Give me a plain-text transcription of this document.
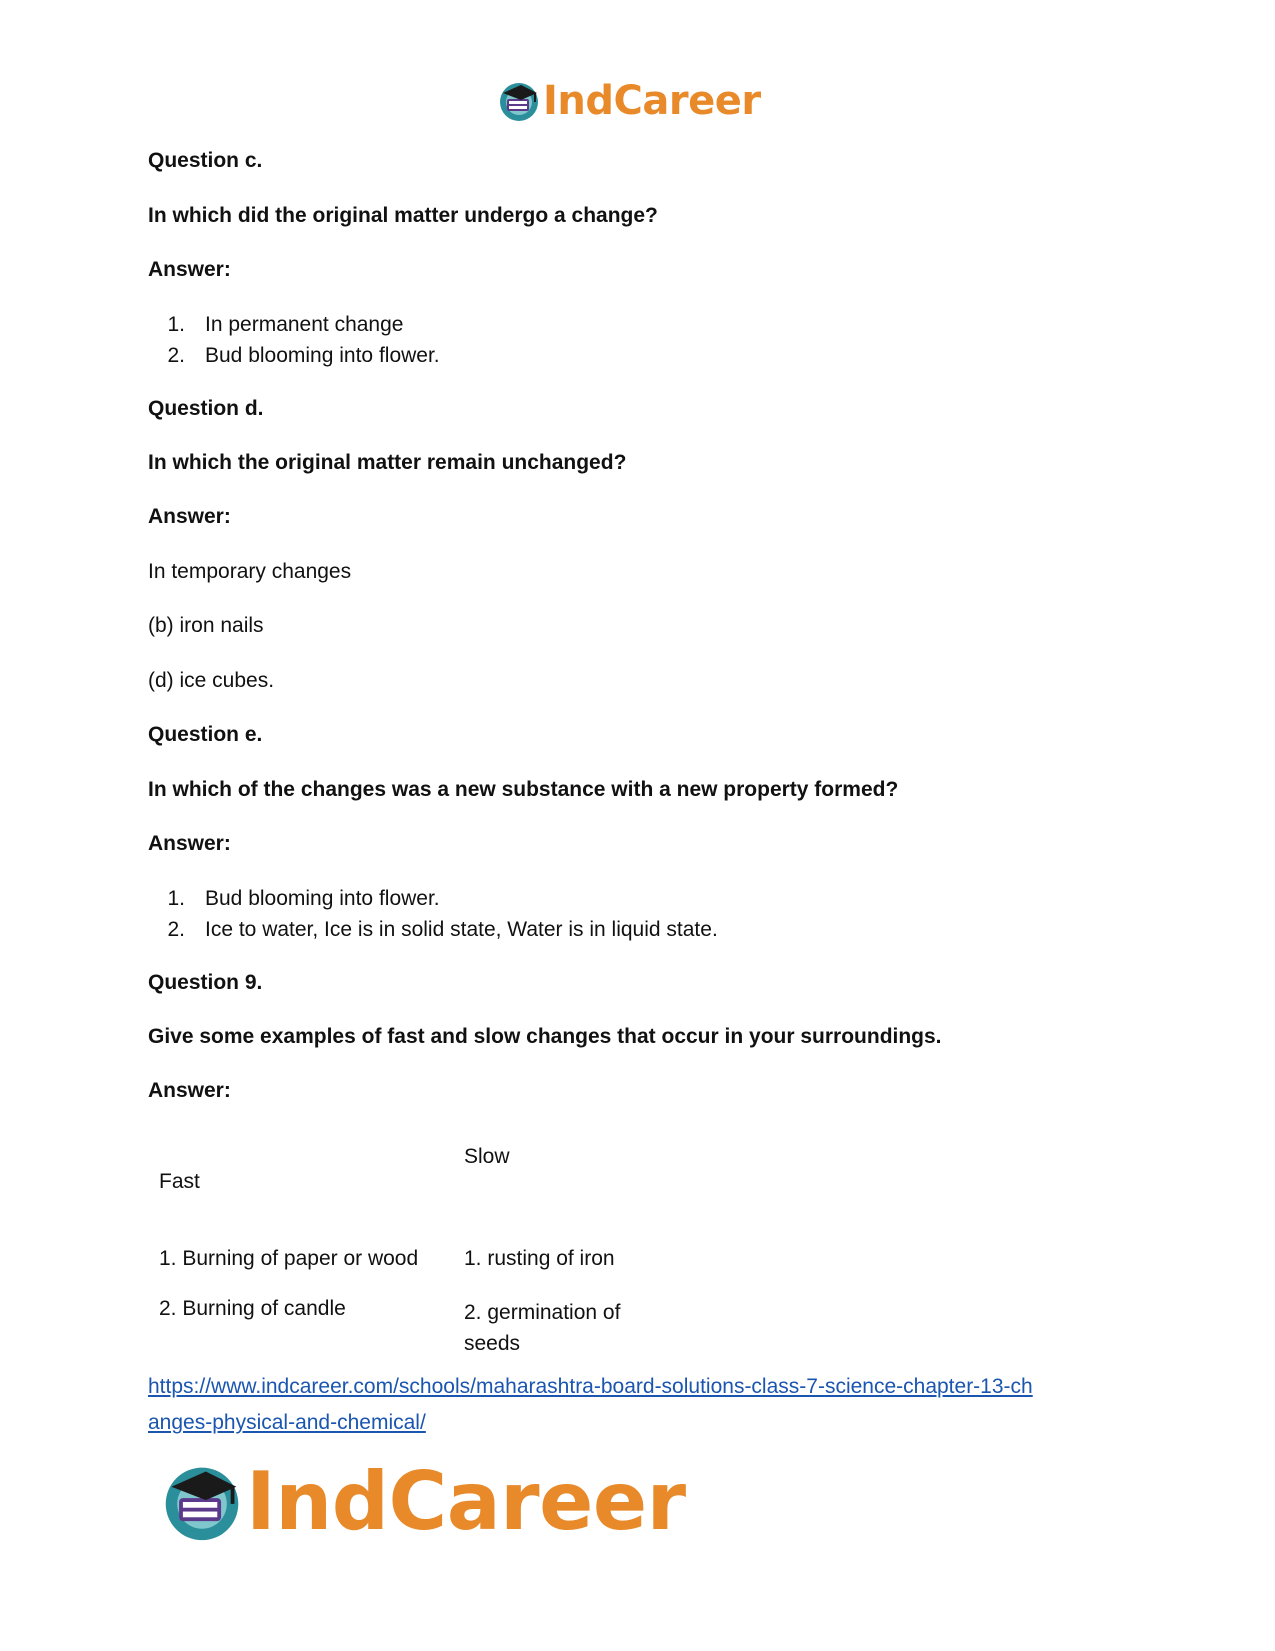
IndCareer
Question c.
In which did the original matter undergo a change?
Answer:
1. In permanent change
2. Bud blooming into flower.
Question d.
In which the original matter remain unchanged?
Answer:
In temporary changes
(b) iron nails
(d) ice cubes.
Question e.
In which of the changes was a new substance with a new property formed?
Answer:
1. Bud blooming into flower.
2. Ice to water, Ice is in solid state, Water is in liquid state.
Question 9.
Give some examples of fast and slow changes that occur in your surroundings.
Answer:
Fast
Slow
1. Burning of paper or wood 1. rusting of iron
2. Burning of candle	2. germination of seeds
https://www.indcareer.com/schools/maharashtra-board-solutions-class-7-science-chapter-13-ch
anges-physical-and-chemical/
IndCareer
